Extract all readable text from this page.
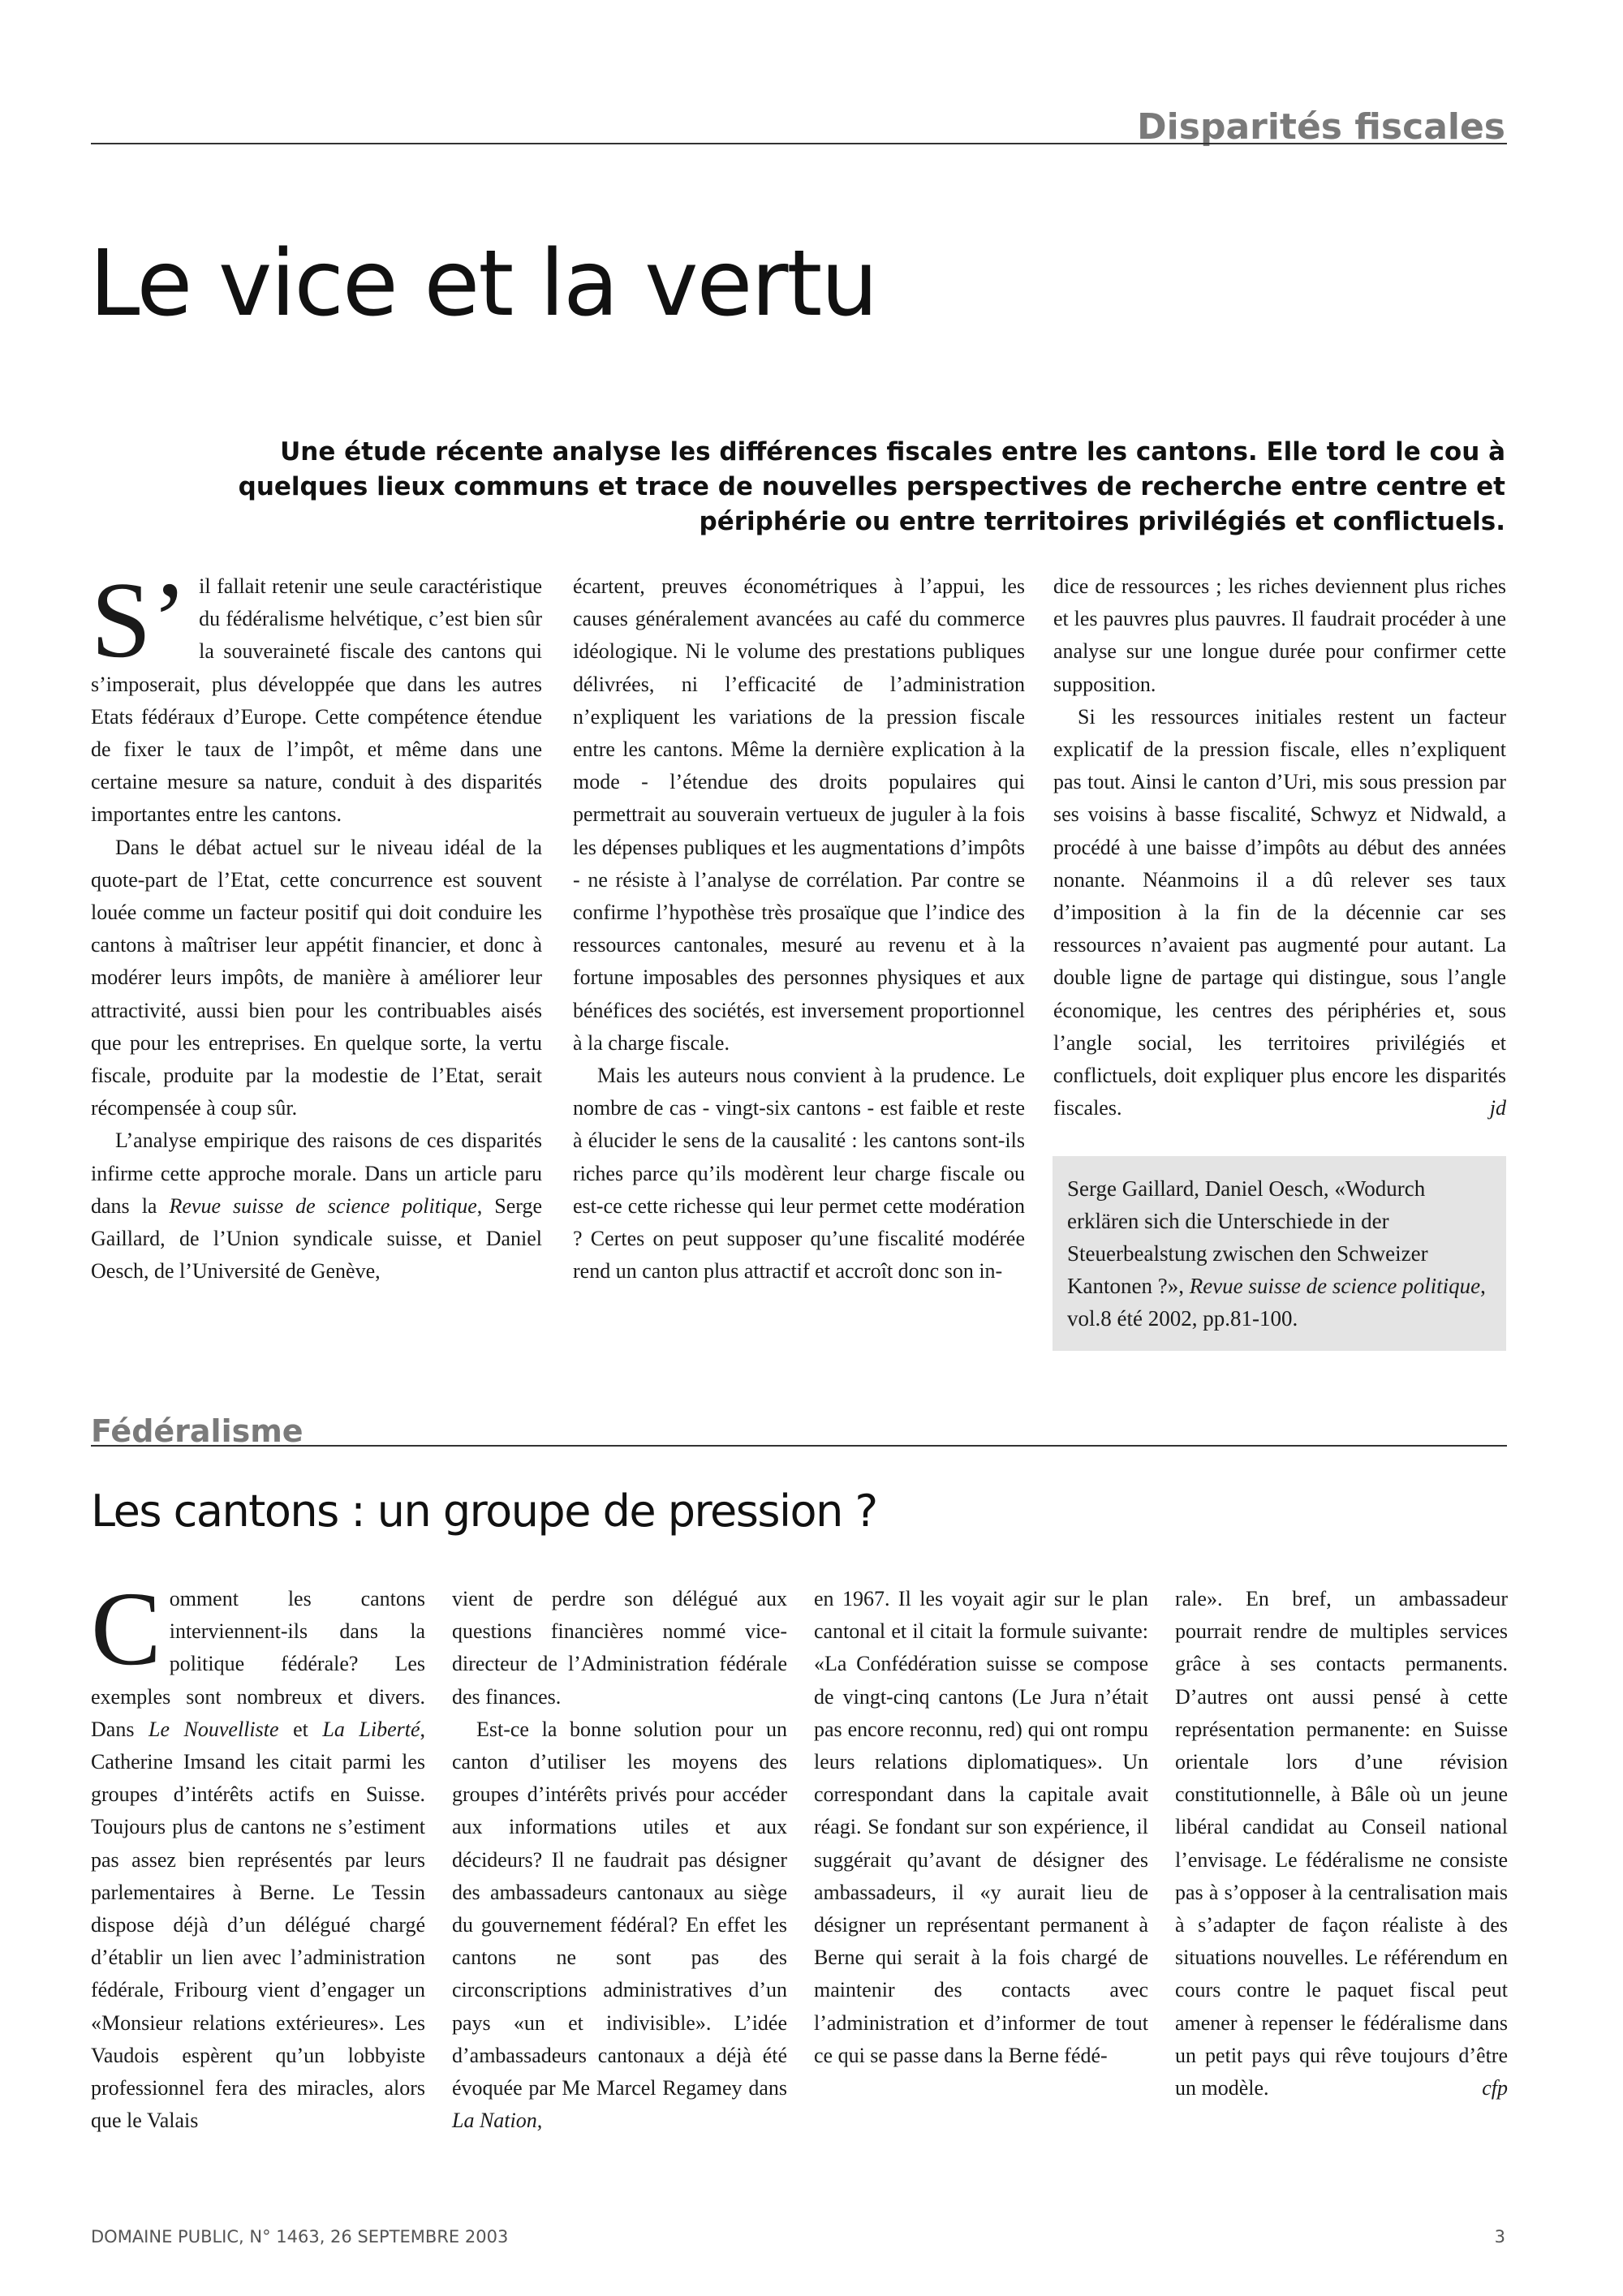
Disparités fiscales
Le vice et la vertu
Une étude récente analyse les différences fiscales entre les cantons. Elle tord le cou à quelques lieux communs et trace de nouvelles perspectives de recherche entre centre et périphérie ou entre territoires privilégiés et conflictuels.
S’ il fallait retenir une seule caractéristique du fédéralisme helvétique, c’est bien sûr la souveraineté fiscale des cantons qui s’imposerait, plus développée que dans les autres Etats fédéraux d’Europe. Cette compétence étendue de fixer le taux de l’impôt, et même dans une certaine mesure sa nature, conduit à des disparités importantes entre les cantons.

Dans le débat actuel sur le niveau idéal de la quote-part de l’Etat, cette concurrence est souvent louée comme un facteur positif qui doit conduire les cantons à maîtriser leur appétit financier, et donc à modérer leurs impôts, de manière à améliorer leur attractivité, aussi bien pour les contribuables aisés que pour les entreprises. En quelque sorte, la vertu fiscale, produite par la modestie de l’Etat, serait récompensée à coup sûr.

L’analyse empirique des raisons de ces disparités infirme cette approche morale. Dans un article paru dans la Revue suisse de science politique, Serge Gaillard, de l’Union syndicale suisse, et Daniel Oesch, de l’Université de Genève,

écartent, preuves économétriques à l’appui, les causes généralement avancées au café du commerce idéologique. Ni le volume des prestations publiques délivrées, ni l’efficacité de l’administration n’expliquent les variations de la pression fiscale entre les cantons. Même la dernière explication à la mode - l’étendue des droits populaires qui permettrait au souverain vertueux de juguler à la fois les dépenses publiques et les augmentations d’impôts - ne résiste à l’analyse de corrélation. Par contre se confirme l’hypothèse très prosaïque que l’indice des ressources cantonales, mesuré au revenu et à la fortune imposables des personnes physiques et aux bénéfices des sociétés, est inversement proportionnel à la charge fiscale.

Mais les auteurs nous convient à la prudence. Le nombre de cas - vingt-six cantons - est faible et reste à élucider le sens de la causalité : les cantons sont-ils riches parce qu’ils modèrent leur charge fiscale ou est-ce cette richesse qui leur permet cette modération ? Certes on peut supposer qu’une fiscalité modérée rend un canton plus attractif et accroît donc son in-

dice de ressources ; les riches deviennent plus riches et les pauvres plus pauvres. Il faudrait procéder à une analyse sur une longue durée pour confirmer cette supposition.

Si les ressources initiales restent un facteur explicatif de la pression fiscale, elles n’expliquent pas tout. Ainsi le canton d’Uri, mis sous pression par ses voisins à basse fiscalité, Schwyz et Nidwald, a procédé à une baisse d’impôts au début des années nonante. Néanmoins il a dû relever ses taux d’imposition à la fin de la décennie car ses ressources n’avaient pas augmenté pour autant. La double ligne de partage qui distingue, sous l’angle économique, les centres des périphéries et, sous l’angle social, les territoires privilégiés et conflictuels, doit expliquer plus encore les disparités fiscales.	jd

Serge Gaillard, Daniel Oesch, «Wodurch erklären sich die Unterschiede in der Steuerbealstung zwischen den Schweizer Kantonen ?», Revue suisse de science politique, vol.8 été 2002, pp.81-100.
Fédéralisme
Les cantons : un groupe de pression ?
C omment les cantons interviennent-ils dans la politique fédérale? Les exemples sont nombreux et divers. Dans Le Nouvelliste et La Liberté, Catherine Imsand les citait parmi les groupes d’intérêts actifs en Suisse. Toujours plus de cantons ne s’estiment pas assez bien représentés par leurs parlementaires à Berne. Le Tessin dispose déjà d’un délégué chargé d’établir un lien avec l’administration fédérale, Fribourg vient d’engager un «Monsieur relations extérieures». Les Vaudois espèrent qu’un lobbyiste professionnel fera des miracles, alors que le Valais

vient de perdre son délégué aux questions financières nommé vice-directeur de l’Administration fédérale des finances.

Est-ce la bonne solution pour un canton d’utiliser les moyens des groupes d’intérêts privés pour accéder aux informations utiles et aux décideurs? Il ne faudrait pas désigner des ambassadeurs cantonaux au siège du gouvernement fédéral? En effet les cantons ne sont pas des circonscriptions administratives d’un pays «un et indivisible». L’idée d’ambassadeurs cantonaux a déjà été évoquée par Me Marcel Regamey dans La Nation,

en 1967. Il les voyait agir sur le plan cantonal et il citait la formule suivante: «La Confédération suisse se compose de vingt-cinq cantons (Le Jura n’était pas encore reconnu, red) qui ont rompu leurs relations diplomatiques». Un correspondant dans la capitale avait réagi. Se fondant sur son expérience, il suggérait qu’avant de désigner des ambassadeurs, il «y aurait lieu de désigner un représentant permanent à Berne qui serait à la fois chargé de maintenir des contacts avec l’administration et d’informer de tout ce qui se passe dans la Berne fédé-

rale». En bref, un ambassadeur pourrait rendre de multiples services grâce à ses contacts permanents. D’autres ont aussi pensé à cette représentation permanente: en Suisse orientale lors d’une révision constitutionnelle, à Bâle où un jeune libéral candidat au Conseil national l’envisage. Le fédéralisme ne consiste pas à s’opposer à la centralisation mais à s’adapter de façon réaliste à des situations nouvelles. Le référendum en cours contre le paquet fiscal peut amener à repenser le fédéralisme dans un petit pays qui rêve toujours d’être un modèle.	cfp

DOMAINE PUBLIC, N° 1463, 26 SEPTEMBRE 2003	3
